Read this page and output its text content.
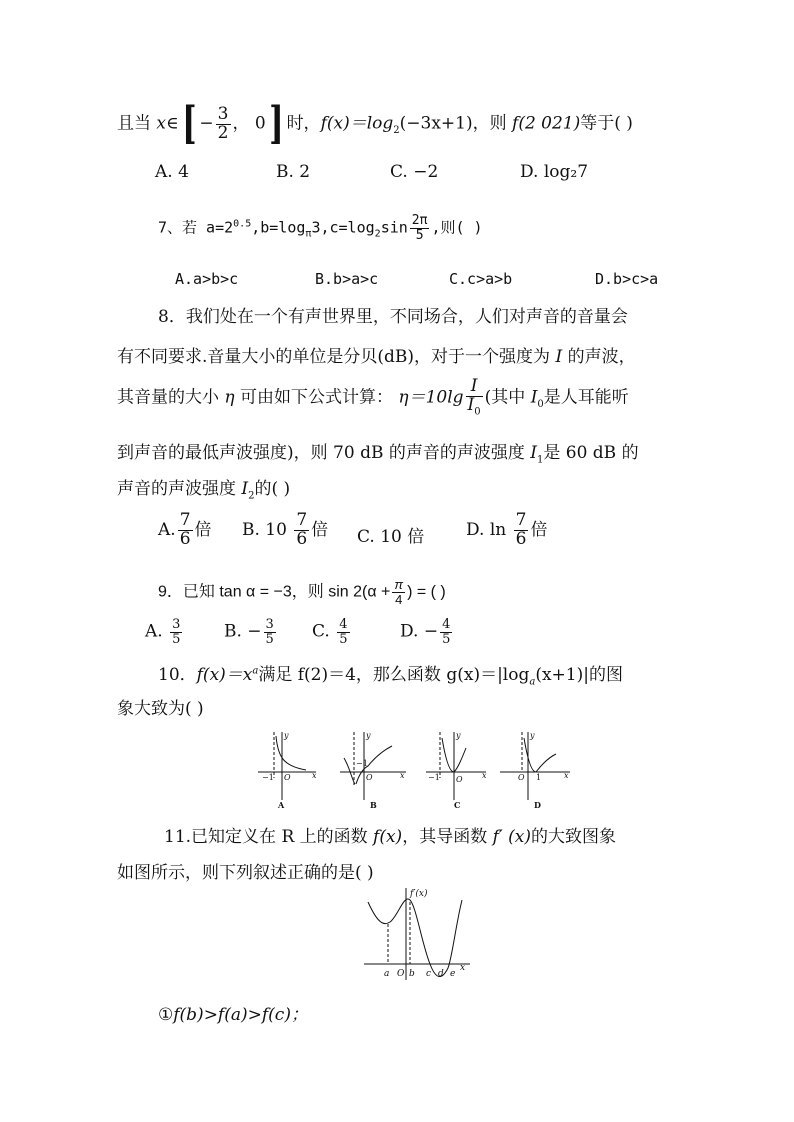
且当 x∈[ − $\frac{3}{2}$ ， 0] 时，$f(x)=\log_2(-3x+1)$，则 f(2 021)等于( )
A. 4	B. 2	C. −2	D. log₂7
7、若 $a=2^{0.5},b=\log_\pi 3,c=\log_2\sin \frac{2\pi}{5}$ ,则( )
A.a>b>c	B.b>a>c	C.c>a>b	D.b>c>a
8．我们处在一个有声世界里，不同场合，人们对声音的音量会
有不同要求.音量大小的单位是分贝(dB)，对于一个强度为 I 的声波，
其音量的大小 η 可由如下公式计算： $\eta=10\lg \frac{I}{I_0}$ (其中 $I_0$是人耳能听
到声音的最低声波强度)，则 70 dB 的声音的声波强度 $I_1$是 60 dB 的
声音的声波强度 $I_2$的( )
A. $\frac{7}{6}$ 倍 B. $10 \frac{7}{6}$ 倍 C. 10 倍 D. $\ln \frac{7}{6}$ 倍
9．已知 tan α = −3，则 $\sin 2(\alpha + \frac{\pi}{4}$ ) = ( )
A. $\frac{3}{5} B$. − $\frac{3}{5} C$. $\frac{4}{5}$	D. − $\frac{4}{5}$
10．$f(x)=x^a$满足 f(2)＝4，那么函数 $g(x)=|\log_a(x+1)|$的图
象大致为( )
y
−1 O	x
A
y
−1
O	x
B
y
−1 O x
C
y
O 1	x
D
11.已知定义在 R 上的函数 f(x)，其导函数 f′ (x)的大致图象
如图所示，则下列叙述正确的是( )
f′(x)
a O b c d e
x
①f(b)>f(a)>f(c)；
